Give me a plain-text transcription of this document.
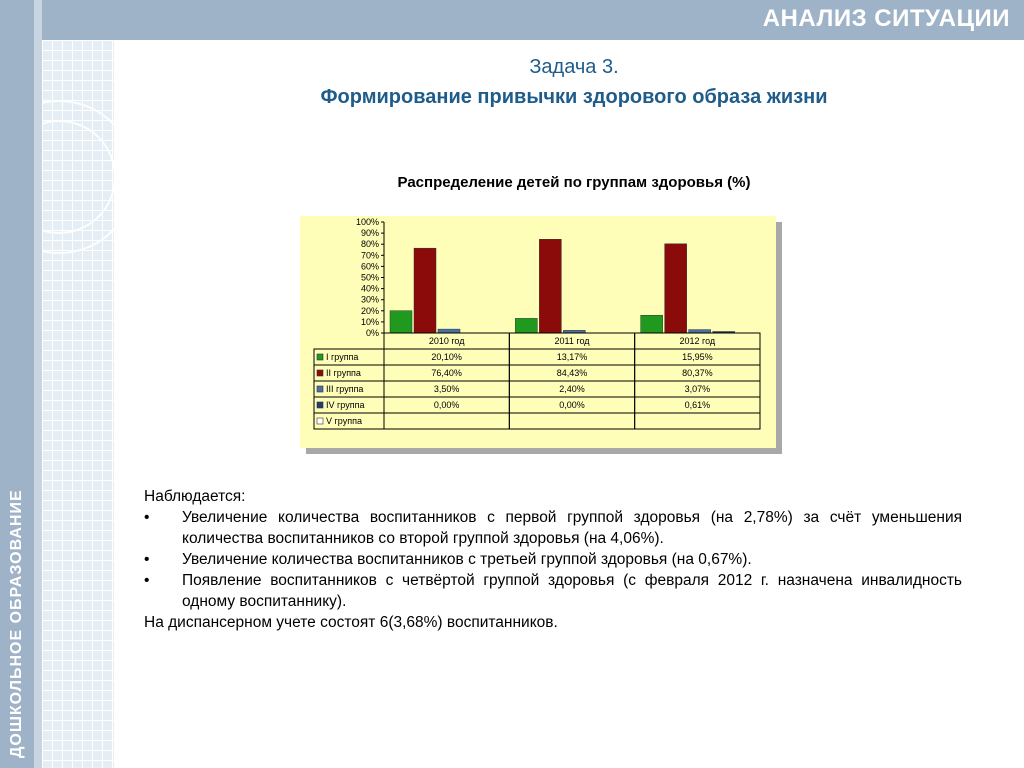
ДОШКОЛЬНОЕ ОБРАЗОВАНИЕ
АНАЛИЗ СИТУАЦИИ
Задача 3.
Формирование привычки здорового образа жизни
Распределение детей по группам здоровья (%)
100%
90%
80%
70%
60%
50%
40%
30%
20%
10%
0%
2010 год	2011 год	2012 год
I группа	20,10%	13,17%	15,95%
II группа	76,40%	84,43%	80,37%
III группа	3,50%	2,40%	3,07%
IV группа	0,00%	0,00%	0,61%
V группа

Наблюдается:

• Увеличение количества воспитанников с первой группой здоровья (на 2,78%) за счёт уменьшения количества воспитанников со второй группой здоровья (на 4,06%).
• Увеличение количества воспитанников с третьей группой здоровья (на 0,67%).
• Появление воспитанников с четвёртой группой здоровья (с февраля 2012 г. назначена инвалидность одному воспитаннику).

На диспансерном учете состоят 6(3,68%) воспитанников.
